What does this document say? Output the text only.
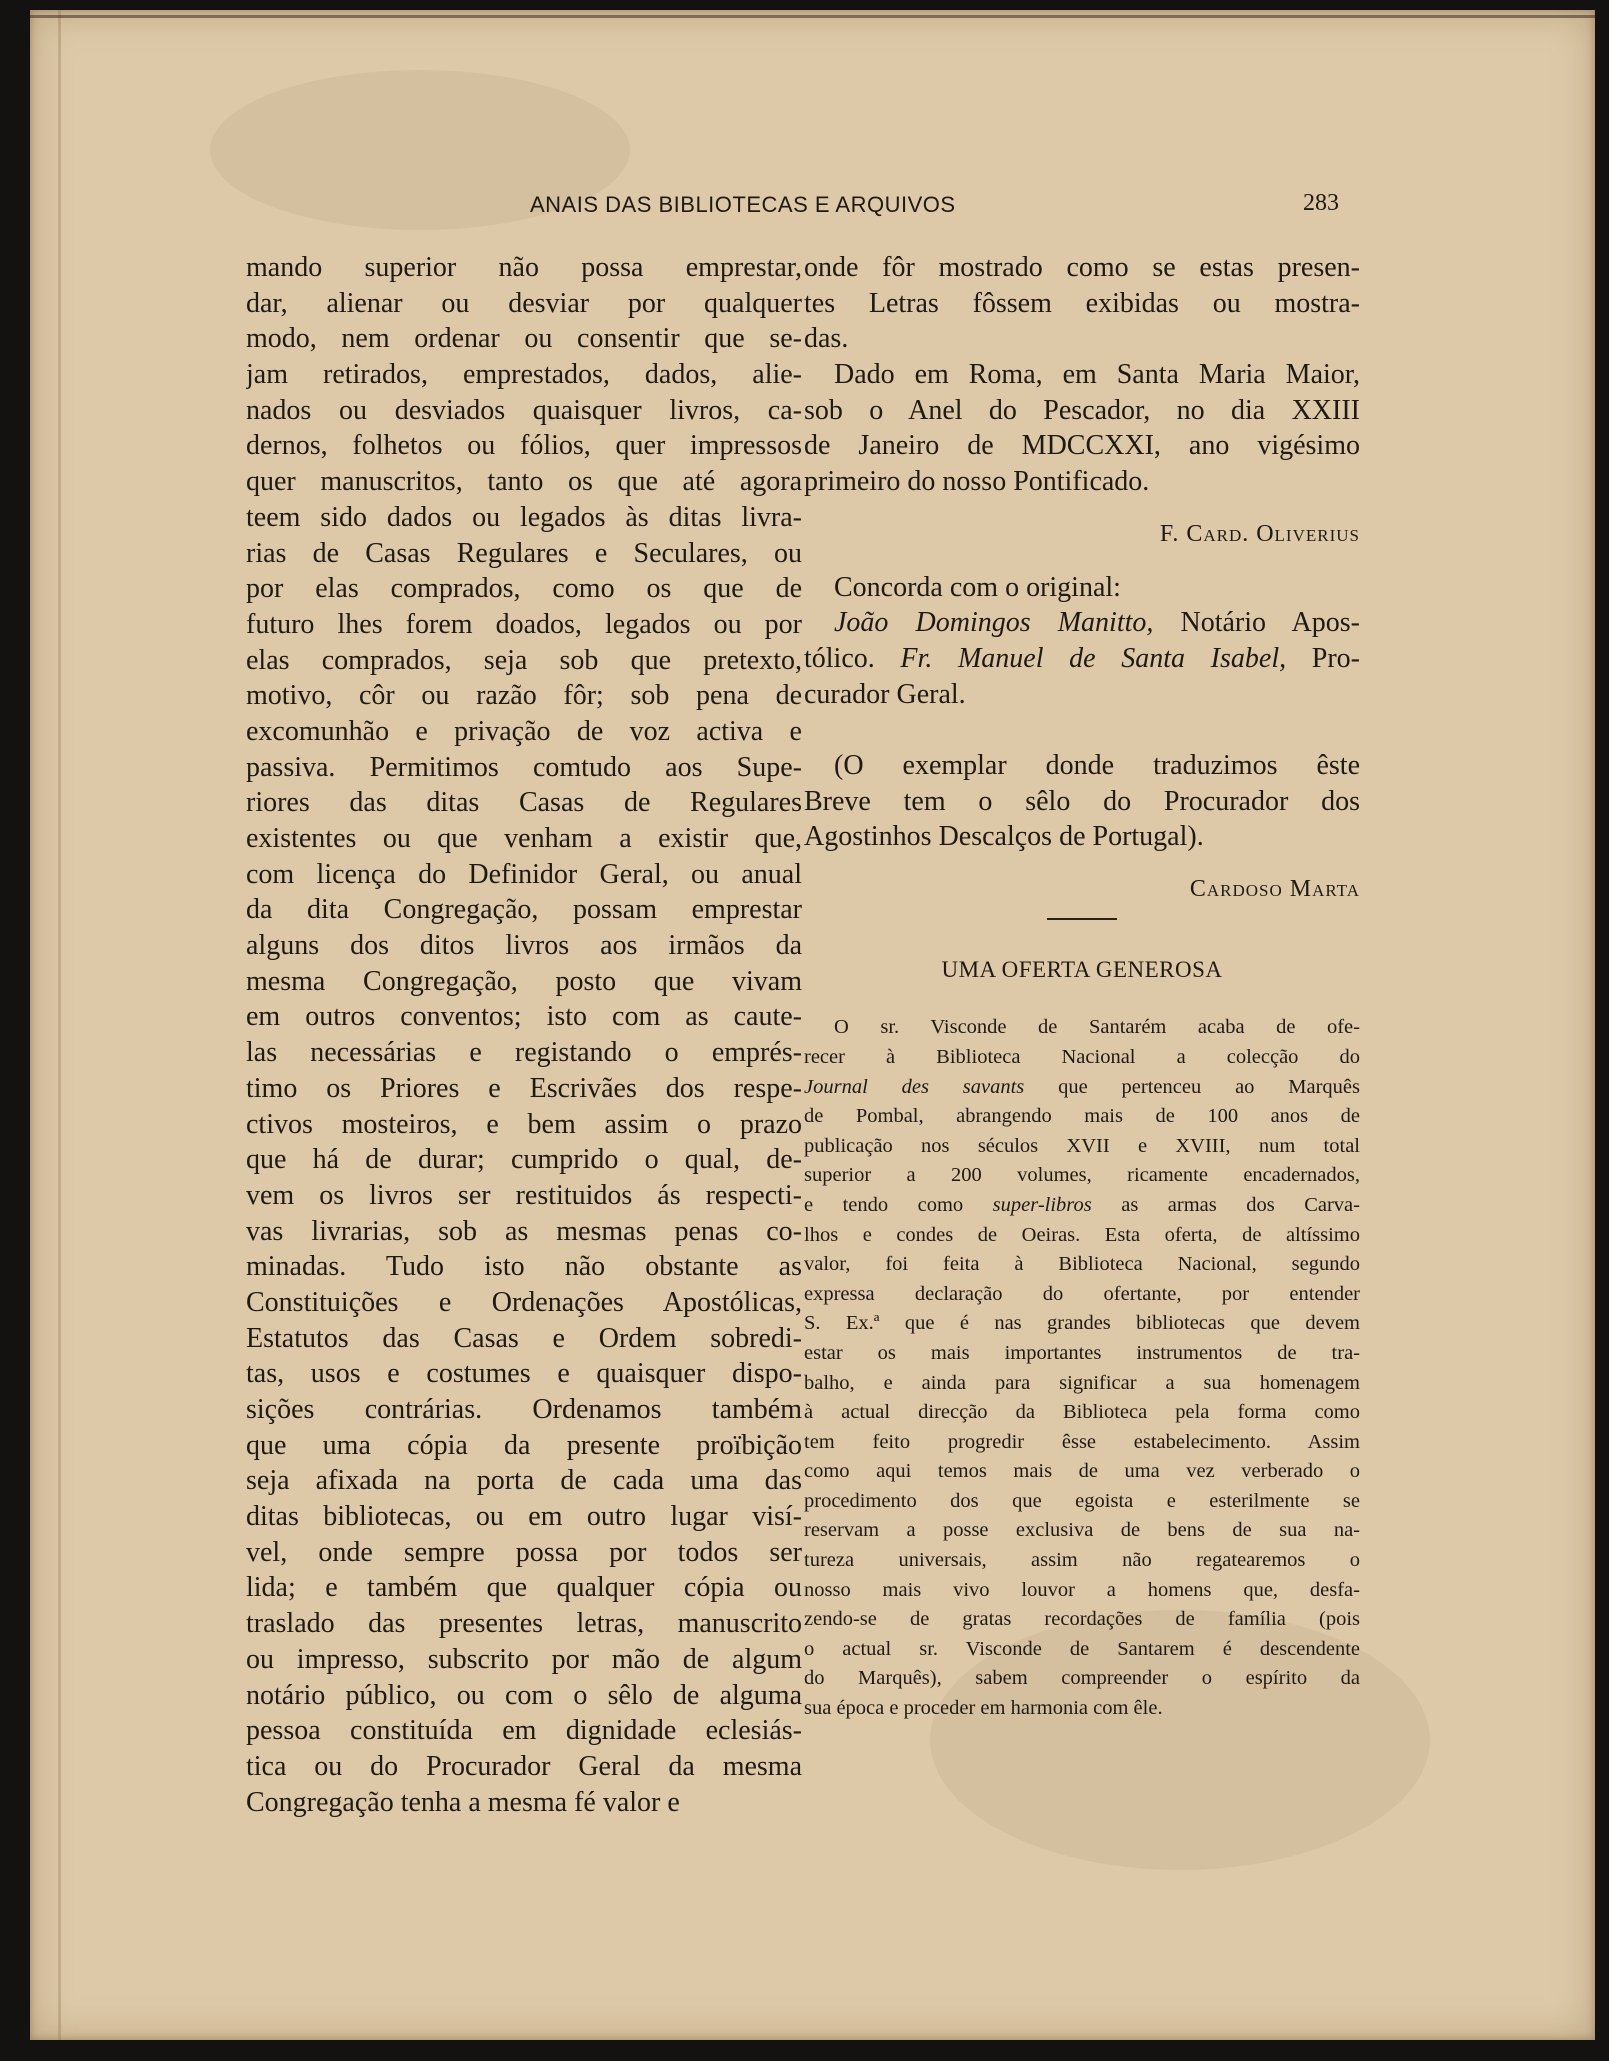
ANAIS DAS BIBLIOTECAS E ARQUIVOS	283
mando superior não possa emprestar,
dar, alienar ou desviar por qualquer
modo, nem ordenar ou consentir que se-
jam retirados, emprestados, dados, alie-
nados ou desviados quaisquer livros, ca-
dernos, folhetos ou fólios, quer impressos
quer manuscritos, tanto os que até agora
teem sido dados ou legados às ditas livra-
rias de Casas Regulares e Seculares, ou
por elas comprados, como os que de
futuro lhes forem doados, legados ou por
elas comprados, seja sob que pretexto,
motivo, côr ou razão fôr; sob pena de
excomunhão e privação de voz activa e
passiva. Permitimos comtudo aos Supe-
riores das ditas Casas de Regulares
existentes ou que venham a existir que,
com licença do Definidor Geral, ou anual
da dita Congregação, possam emprestar
alguns dos ditos livros aos irmãos da
mesma Congregação, posto que vivam
em outros conventos; isto com as caute-
las necessárias e registando o emprés-
timo os Priores e Escrivães dos respe-
ctivos mosteiros, e bem assim o prazo
que há de durar; cumprido o qual, de-
vem os livros ser restituidos ás respecti-
vas livrarias, sob as mesmas penas co-
minadas. Tudo isto não obstante as
Constituições e Ordenações Apostólicas,
Estatutos das Casas e Ordem sobredi-
tas, usos e costumes e quaisquer dispo-
sições contrárias. Ordenamos também
que uma cópia da presente proïbição
seja afixada na porta de cada uma das
ditas bibliotecas, ou em outro lugar visí-
vel, onde sempre possa por todos ser
lida; e também que qualquer cópia ou
traslado das presentes letras, manuscrito
ou impresso, subscrito por mão de algum
notário público, ou com o sêlo de alguma
pessoa constituída em dignidade eclesiás-
tica ou do Procurador Geral da mesma
Congregação tenha a mesma fé valor e
onde fôr mostrado como se estas presen-
tes Letras fôssem exibidas ou mostra-
das.
Dado em Roma, em Santa Maria Maior,
sob o Anel do Pescador, no dia XXIII
de Janeiro de MDCCXXI, ano vigésimo
primeiro do nosso Pontificado.
F. Card. Oliverius
Concorda com o original:
João Domingos Manitto, Notário Apos-
tólico. Fr. Manuel de Santa Isabel, Pro-
curador Geral.
(O exemplar donde traduzimos êste
Breve tem o sêlo do Procurador dos
Agostinhos Descalços de Portugal).
Cardoso Marta
UMA OFERTA GENEROSA
O sr. Visconde de Santarém acaba de ofe-
recer à Biblioteca Nacional a colecção do
Journal des savants que pertenceu ao Marquês
de Pombal, abrangendo mais de 100 anos de
publicação nos séculos XVII e XVIII, num total
superior a 200 volumes, ricamente encadernados,
e tendo como super-libros as armas dos Carva-
lhos e condes de Oeiras. Esta oferta, de altíssimo
valor, foi feita à Biblioteca Nacional, segundo
expressa declaração do ofertante, por entender
S. Ex.ª que é nas grandes bibliotecas que devem
estar os mais importantes instrumentos de tra-
balho, e ainda para significar a sua homenagem
à actual direcção da Biblioteca pela forma como
tem feito progredir êsse estabelecimento. Assim
como aqui temos mais de uma vez verberado o
procedimento dos que egoista e esterilmente se
reservam a posse exclusiva de bens de sua na-
tureza universais, assim não regatearemos o
nosso mais vivo louvor a homens que, desfa-
zendo-se de gratas recordações de família (pois
o actual sr. Visconde de Santarem é descendente
do Marquês), sabem compreender o espírito da
sua época e proceder em harmonia com êle.
